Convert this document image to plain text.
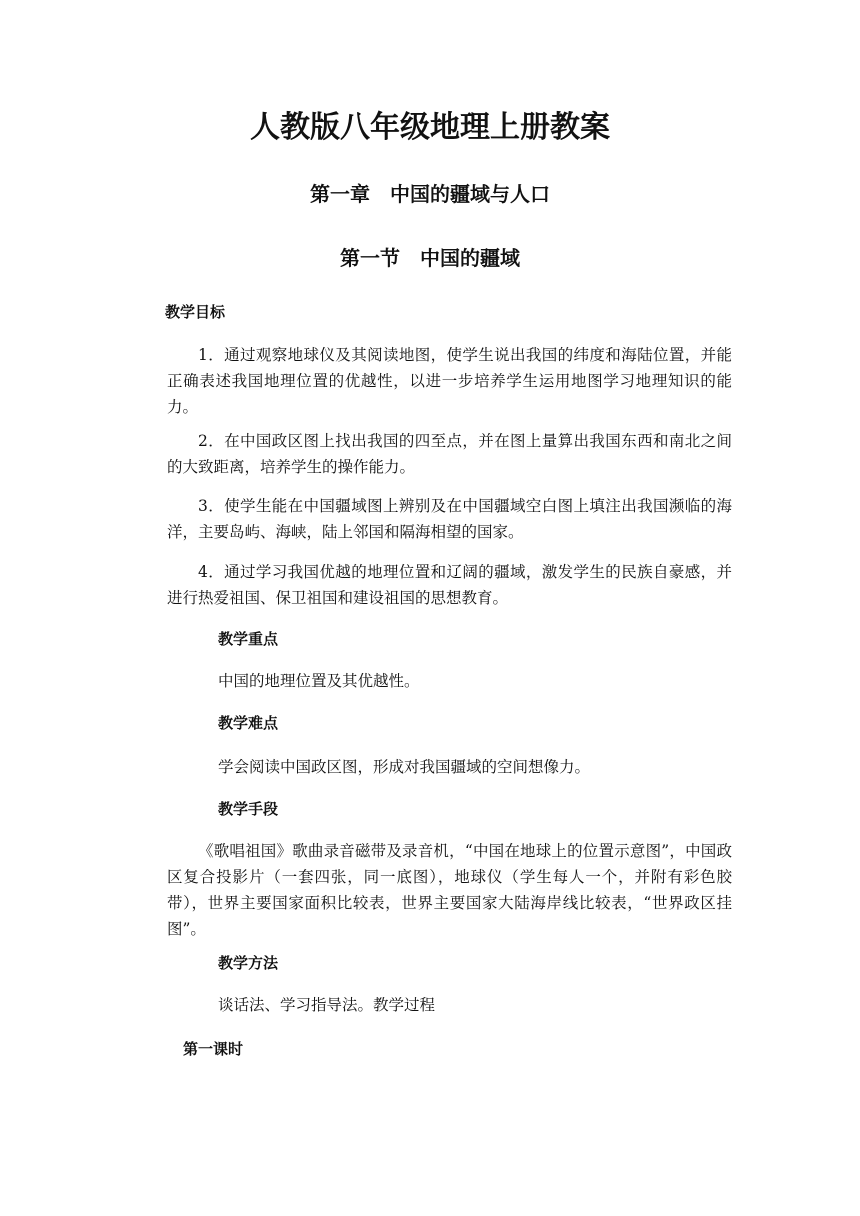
人教版八年级地理上册教案
第一章　中国的疆域与人口
第一节　中国的疆域

教学目标

1．通过观察地球仪及其阅读地图，使学生说出我国的纬度和海陆位置，并能正确表述我国地理位置的优越性，以进一步培养学生运用地图学习地理知识的能力。

2．在中国政区图上找出我国的四至点，并在图上量算出我国东西和南北之间的大致距离，培养学生的操作能力。

3．使学生能在中国疆域图上辨别及在中国疆域空白图上填注出我国濒临的海洋，主要岛屿、海峡，陆上邻国和隔海相望的国家。

4．通过学习我国优越的地理位置和辽阔的疆域，激发学生的民族自豪感，并进行热爱祖国、保卫祖国和建设祖国的思想教育。

教学重点

中国的地理位置及其优越性。

教学难点

学会阅读中国政区图，形成对我国疆域的空间想像力。

教学手段

《歌唱祖国》歌曲录音磁带及录音机，“中国在地球上的位置示意图”，中国政区复合投影片（一套四张，同一底图），地球仪（学生每人一个，并附有彩色胶带），世界主要国家面积比较表，世界主要国家大陆海岸线比较表，“世界政区挂图”。

教学方法

谈话法、学习指导法。教学过程

第一课时
